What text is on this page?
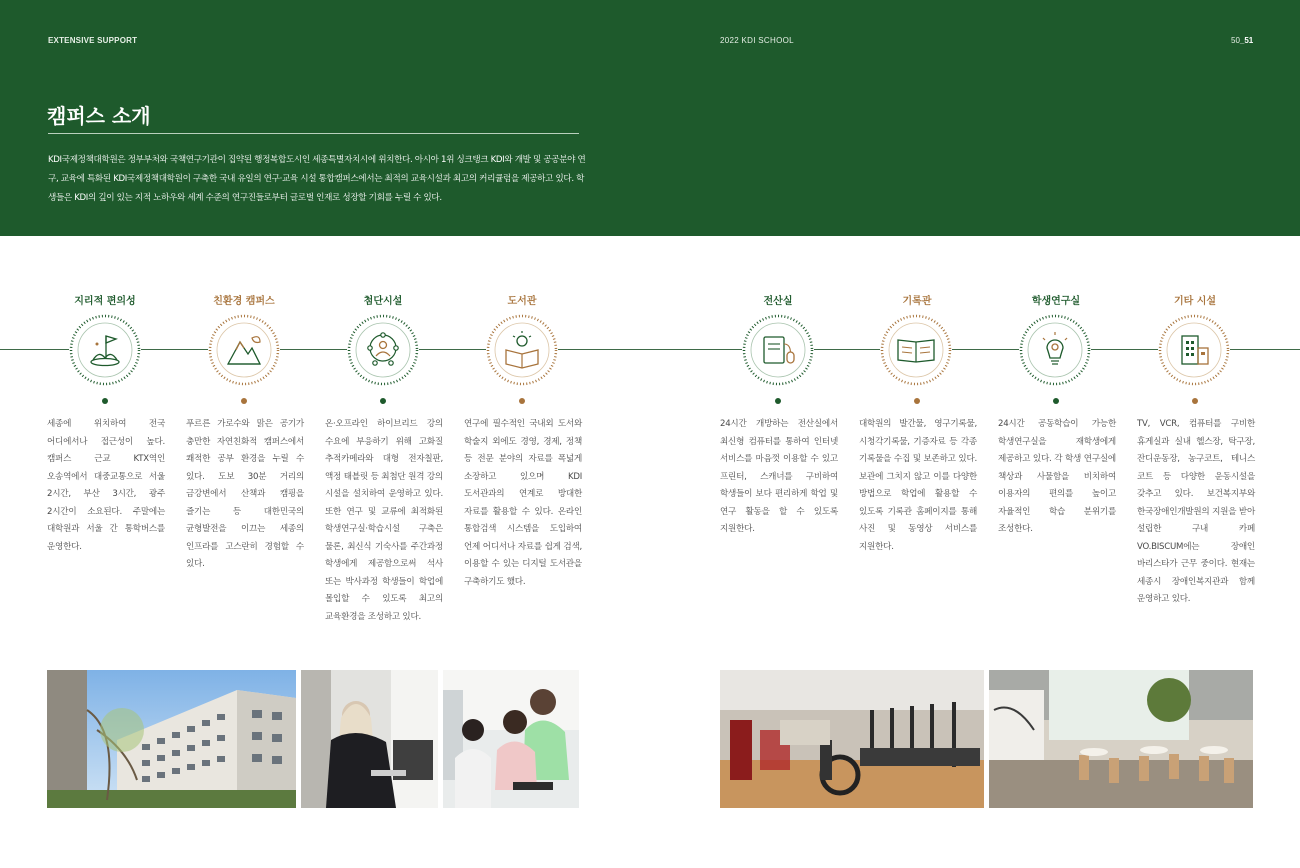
EXTENSIVE SUPPORT	2022 KDI SCHOOL	50_51
캠퍼스 소개
KDI국제정책대학원은 정부부처와 국책연구기관이 집약된 행정복합도시인 세종특별자치시에 위치한다. 아시아 1위 싱크탱크 KDI와 개발 및 공공분야 연구, 교육에 특화된 KDI국제정책대학원이 구축한 국내 유일의 연구·교육 시설 통합캠퍼스에서는 최적의 교육시설과 최고의 커리큘럼을 제공하고 있다. 학생들은 KDI의 깊이 있는 지적 노하우와 세계 수준의 연구진들로부터 글로벌 인재로 성장할 기회를 누릴 수 있다.
지리적 편의성
세종에 위치하여 전국 어디에서나 접근성이 높다. 캠퍼스 근교 KTX역인 오송역에서 대중교통으로 서울 2시간, 부산 3시간, 광주 2시간이 소요된다. 주말에는 대학원과 서울 간 통학버스를 운영한다.
친환경 캠퍼스
푸르른 가로수와 맑은 공기가 충만한 자연친화적 캠퍼스에서 쾌적한 공부 환경을 누릴 수 있다. 도보 30분 거리의 금강변에서 산책과 캠핑을 즐기는 등 대한민국의 균형발전을 이끄는 세종의 인프라를 고스란히 경험할 수 있다.
첨단시설
온·오프라인 하이브리드 강의 수요에 부응하기 위해 고화질 추적카메라와 대형 전자칠판, 액정 태블릿 등 최첨단 원격 강의 시설을 설치하여 운영하고 있다. 또한 연구 및 교류에 최적화된 학생연구실·학습시설 구축은 물론, 최신식 기숙사를 주간과정 학생에게 제공함으로써 석사 또는 박사과정 학생들이 학업에 몰입할 수 있도록 최고의 교육환경을 조성하고 있다.
도서관
연구에 필수적인 국내외 도서와 학술지 외에도 경영, 경제, 정책 등 전문 분야의 자료를 폭넓게 소장하고 있으며 KDI 도서관과의 연계로 방대한 자료를 활용할 수 있다. 온라인 통합검색 시스템을 도입하여 언제 어디서나 자료를 쉽게 검색, 이용할 수 있는 디지털 도서관을 구축하기도 했다.
전산실
24시간 개방하는 전산실에서 최신형 컴퓨터를 통하여 인터넷 서비스를 마음껏 이용할 수 있고 프린터, 스캐너를 구비하여 학생들이 보다 편리하게 학업 및 연구 활동을 할 수 있도록 지원한다.
기록관
대학원의 발간물, 영구기록물, 시청각기록물, 기증자료 등 각종 기록물을 수집 및 보존하고 있다. 보관에 그치지 않고 이를 다양한 방법으로 학업에 활용할 수 있도록 기록관 홈페이지를 통해 사진 및 동영상 서비스를 지원한다.
학생연구실
24시간 공동학습이 가능한 학생연구실을 재학생에게 제공하고 있다. 각 학생 연구실에 책상과 사물함을 비치하여 이용자의 편의를 높이고 자율적인 학습 분위기를 조성한다.
기타 시설
TV, VCR, 컴퓨터를 구비한 휴게실과 실내 헬스장, 탁구장, 잔디운동장, 농구코트, 테니스 코트 등 다양한 운동시설을 갖추고 있다. 보건복지부와 한국장애인개발원의 지원을 받아 설립한 구내 카페 VO.BISCUM에는 장애인 바리스타가 근무 중이다. 현재는 세종시 장애인복지관과 함께 운영하고 있다.
